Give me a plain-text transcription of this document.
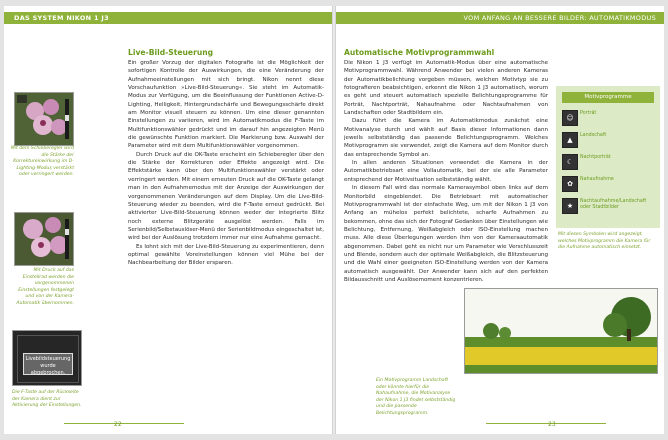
DAS SYSTEM NIKON 1 J3

Mit dem Schieberegler wird die Stärke der Korrektureinwirkung im D-Lighting-Modus verstärkt oder verringert werden.

Mit Druck auf das Einstellrad werden die vorgenommenen Einstellungen festgelegt und von der Kamera-Automatik übernommen.

Livebildsteuerung wurde abgebrochen.

Die F-Taste auf der Rückseite der Kamera dient zur Aktivierung der Einstellungen.

Live-Bild-Steuerung

Ein großer Vorzug der digitalen Fotografie ist die Möglichkeit der sofortigen Kontrolle der Auswirkungen, die eine Veränderung der Aufnahmeeinstellungen mit sich bringt. Nikon nennt diese Vorschaufunktion »Live-Bild-Steuerung«. Sie steht im Automatik-Modus zur Verfügung, um die Beeinflussung der Funktionen Active-D-Lighting, Helligkeit, Hintergrundschärfe und Bewegungsschärfe direkt am Monitor visuell steuern zu können. Um eine dieser genannten Einstellungen zu variieren, wird im Automatikmodus die F-Taste im Multifunktionswähler gedrückt und im darauf hin angezeigten Menü die gewünschte Funktion markiert. Die Markierung bzw. Auswahl der Parameter wird mit dem Multifunktionswähler vorgenommen.

Durch Druck auf die OK-Taste erscheint ein Schieberegler über den die Stärke der Korrekturen oder Effekte angezeigt wird. Die Effektstärke kann über den Multifunktionswähler verstärkt oder verringert werden. Mit einem erneuten Druck auf die OK-Taste gelangt man in den Aufnahmemodus mit der Anzeige der Auswirkungen der vorgenommenen Veränderungen auf dem Display. Um die Live-Bild-Steuerung wieder zu beenden, wird die F-Taste erneut gedrückt. Bei aktivierter Live-Bild-Steuerung können weder der integrierte Blitz noch externe Blitzgeräte ausgelöst werden. Falls im Serienbild/Selbstauslöser-Menü der Serienbildmodus eingeschaltet ist, wird bei der Auslösung trotzdem immer nur eine Aufnahme gemacht.

Es lohnt sich mit der Live-Bild-Steuerung zu experimentieren, denn optimal gewählte Voreinstellungen können viel Mühe bei der Nachbearbeitung der Bilder ersparen.

22
VOM ANFANG AN BESSERE BILDER: AUTOMATIKMODUS
Automatische Motivprogrammwahl

Die Nikon 1 J3 verfügt im Automatik-Modus über eine automatische Motivprogrammwahl. Während Anwender bei vielen anderen Kameras der Automatikbelichtung vorgeben müssen, welchen Motivtyp sie zu fotografieren beabsichtigen, erkennt die Nikon 1 J3 automatisch, worum es geht und steuert automatisch spezielle Belichtungsprogramme für Porträt, Nachtporträt, Nahaufnahme oder Nachtaufnahmen von Landschaften oder Stadtbildern ein.

Dazu führt die Kamera im Automatikmodus zunächst eine Motivanalyse durch und wählt auf Basis dieser Informationen dann jeweils selbstständig das passende Belichtungsprogramm. Welches Motivprogramm sie verwendet, zeigt die Kamera auf dem Monitor durch das entsprechende Symbol an.

In allen anderen Situationen verwendet die Kamera in der Automatikbetriebsart eine Vollautomatik, bei der sie alle Parameter entsprechend der Motivsituation selbstständig wählt.

In diesem Fall wird das normale Kamerasymbol oben links auf dem Monitorbild eingeblendet. Die Betriebsart mit automatischer Motivprogrammwahl ist der einfachste Weg, um mit der Nikon 1 J3 von Anfang an mühelos perfekt belichtete, scharfe Aufnahmen zu bekommen, ohne das sich der Fotograf Gedanken über Einstellungen wie Belichtung, Entfernung, Weißabgleich oder ISO-Einstellung machen muss. Alle diese Überlegungen werden ihm von der Kameraautomatik abgenommen. Dabei geht es nicht nur um Parameter wie Verschlusszeit und Blende, sondern auch der optimale Weißabgleich, die Blitzsteuerung und die Wahl einer geeigneten ISO-Einstellung werden von der Kamera automatisch ausgewählt. Der Anwender kann sich auf den perfekten Bildausschnitt und Auslösemoment konzentrieren.

Motivprogramme
☺
Porträt
▲
Landschaft
☾
Nachtporträt
✿
Nahaufnahme
★
Nachtaufnahme/Landschaft oder Stadtbilder

Mit diesen Symbolen wird angezeigt, welches Motivprogramm die Kamera für die Aufnahme automatisch einsetzt.

Ein Motivprogramm Landschaft oder könnte hierfür die Nahaufnahme, die Motivanalyse der Nikon 1 J3 findet selbstständig und die passende Belichtungsprogramm.

23
